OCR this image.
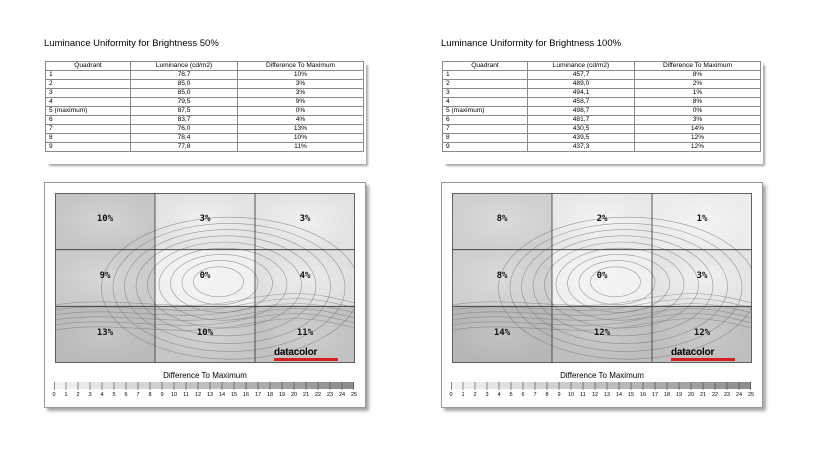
Luminance Uniformity for Brightness 50%
Quadrant	Luminance (cd/m2)	Difference To Maximum
1	78,7	10%
2	85,0	3%
3	85,0	3%
4	79,5	9%
5 (maximum)	87,5	0%
6	83,7	4%
7	76,0	13%
8	78,4	10%
9	77,8	11%
10%	3%	3%
9%	0%	4%
13%	10%	11%
datacolor
Difference To Maximum
0 1 2 3 4 5 6 7 8 9 10 11 12 13 14 15 16 17 18 19 20 21 22 23 24 25
Luminance Uniformity for Brightness 100%
Quadrant	Luminance (cd/m2)	Difference To Maximum
1	457,7	8%
2	489,0	2%
3	494,1	1%
4	458,7	8%
5 (maximum)	498,7	0%
6	481,7	3%
7	430,5	14%
8	439,5	12%
9	437,3	12%
8%	2%	1%
8%	0%	3%
14%	12%	12%
datacolor
Difference To Maximum
0 1 2 3 4 5 6 7 8 9 10 11 12 13 14 15 16 17 18 19 20 21 22 23 24 25
